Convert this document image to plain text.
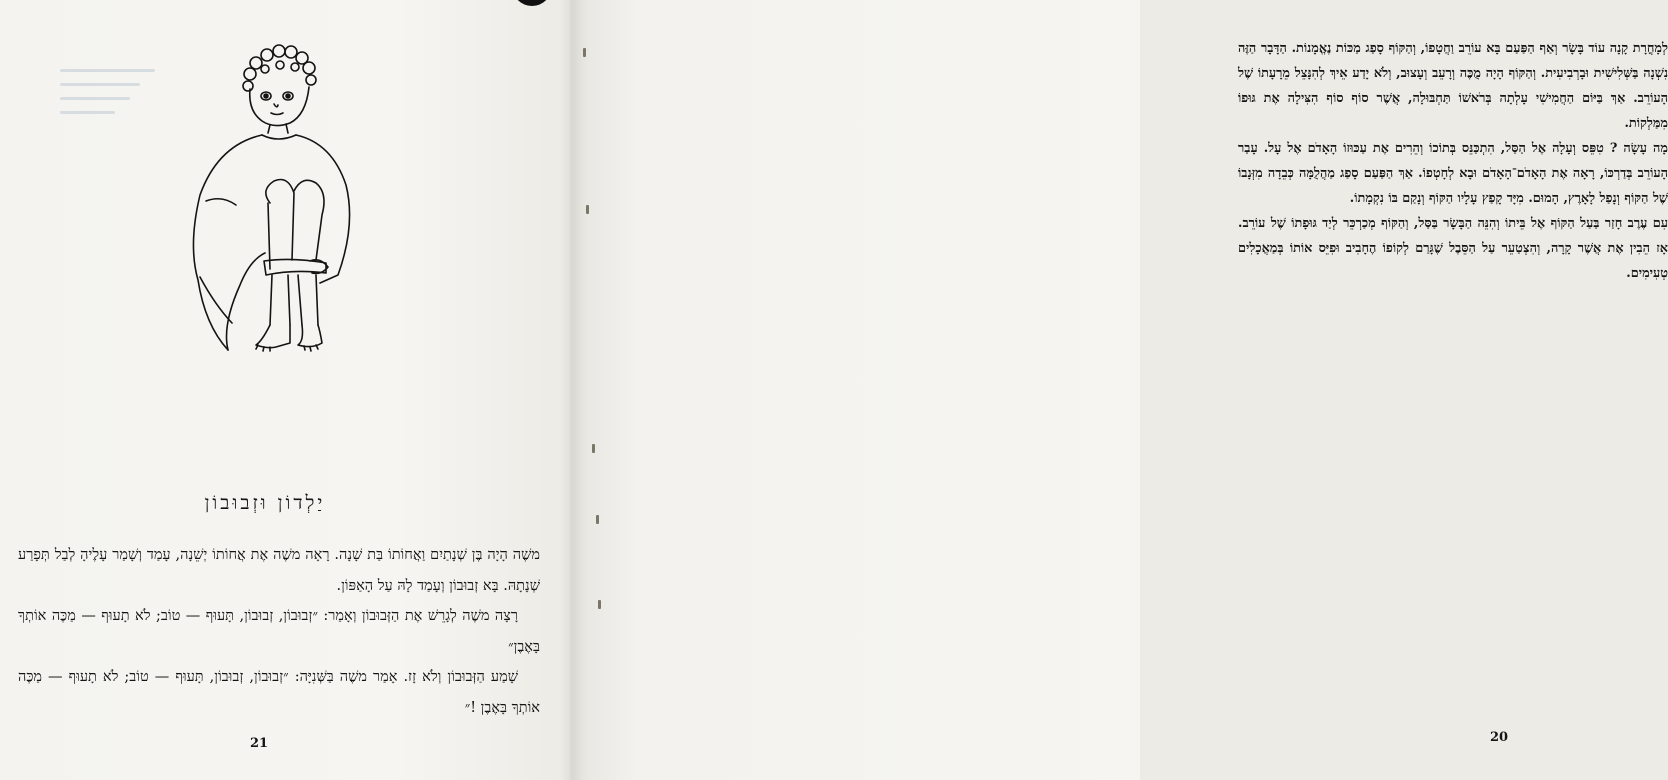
יַלְדוֹן וּזְבוּבוֹן

משֶׁה הָיָה בֶּן שְׁנָתַיִם וַאֲחוֹתוֹ בַּת שָׁנָה. רָאָה משֶׁה אֶת אֲחוֹתוֹ יְשֵׁנָה, עָמַד וְשָׁמַר עָלֶיהָ לְבַל תְּפָרַע שְׁנָתָהּ. בָּא זְבוּבוֹן וְעָמַד לָהּ עַל הָאַפּוֹן.

רָצָה משֶׁה לְגָרֵשׁ אֶת הַזְּבוּבוֹן וְאָמַר: ״זְבוּבוֹן, זְבוּבוֹן, תָּעוּף — טוֹב; לֹא תָעוּף — מַכֶּה אוֹתְךָ בָּאֶבֶן״

שָׁמַע הַזְּבוּבוֹן וְלֹא זָז. אָמַר משֶׁה בַּשְּׁנִיָּה: ״זְבוּבוֹן, זְבוּבוֹן, תָּעוּף — טוֹב; לֹא תָעוּף — מַכֶּה אוֹתְךָ בָּאֶבֶן !״

21

לְמָחֳרָת קָנָה עוֹד בָּשָׂר וְאַף הַפַּעַם בָּא עוֹרֵב וַחֲטָפוֹ, וְהַקּוֹף סָפַג מַכּוֹת נֶאֱמָנוֹת. הַדָּבָר הַזֶּה נִשְׁנָה בַּשְּׁלִישִׁית וּבָרְבִיעִית. וְהַקּוֹף הָיָה מֻכֶּה וְרָעֵב וְעָצוּב, וְלֹא יָדַע אֵיךְ לְהִנָּצֵל מֵרָעָתוֹ שֶׁל הָעוֹרֵב. אַךְ בַּיּוֹם הַחֲמִישִׁי עָלְתָה בְּרֹאשׁוֹ תַּחְבּוּלָה, אֲשֶׁר סוֹף סוֹף הִצִּילָה אֶת גּוּפוֹ מִמַּלְקוֹת.

מָה עָשָׂה ? טִפֵּס וְעָלָה אֶל הַסַּל, הִתְכַּנֵּס בְּתוֹכוֹ וְהֵרִים אֶת עַכּוּזוֹ הָאָדֹם אֶל עָל. עָבַר הָעוֹרֵב בְּדַרְכּוֹ, רָאָה אֶת הָאָדֹם־הָאָדֹם וּבָא לְחָטְפוֹ. אַךְ הַפַּעַם סָפַג מַהֲלֻמָּה כְּבֵדָה מִזְּנָבוֹ שֶׁל הַקּוֹף וְנָפַל לָאָרֶץ, הָמוּם. מִיָּד קָפַץ עָלָיו הַקּוֹף וְנָקַם בּוֹ נִקְמָתוֹ.

עִם עֶרֶב חָזַר בַּעַל הַקּוֹף אֶל בֵּיתוֹ וְהִנֵּה הַבָּשָׂר בַּסַּל, וְהַקּוֹף מְכַרְכֵּר לְיַד גּוּפָתוֹ שֶׁל עוֹרֵב. אָז הֵבִין אֶת אֲשֶׁר קָרָה, וְהִצְטַעֵר עַל הַסֵּבֶל שֶׁגָּרַם לְקוֹפוֹ הֶחָבִיב וּפִיֵּס אוֹתוֹ בְּמַאֲכָלִים טְעִימִים.

20
